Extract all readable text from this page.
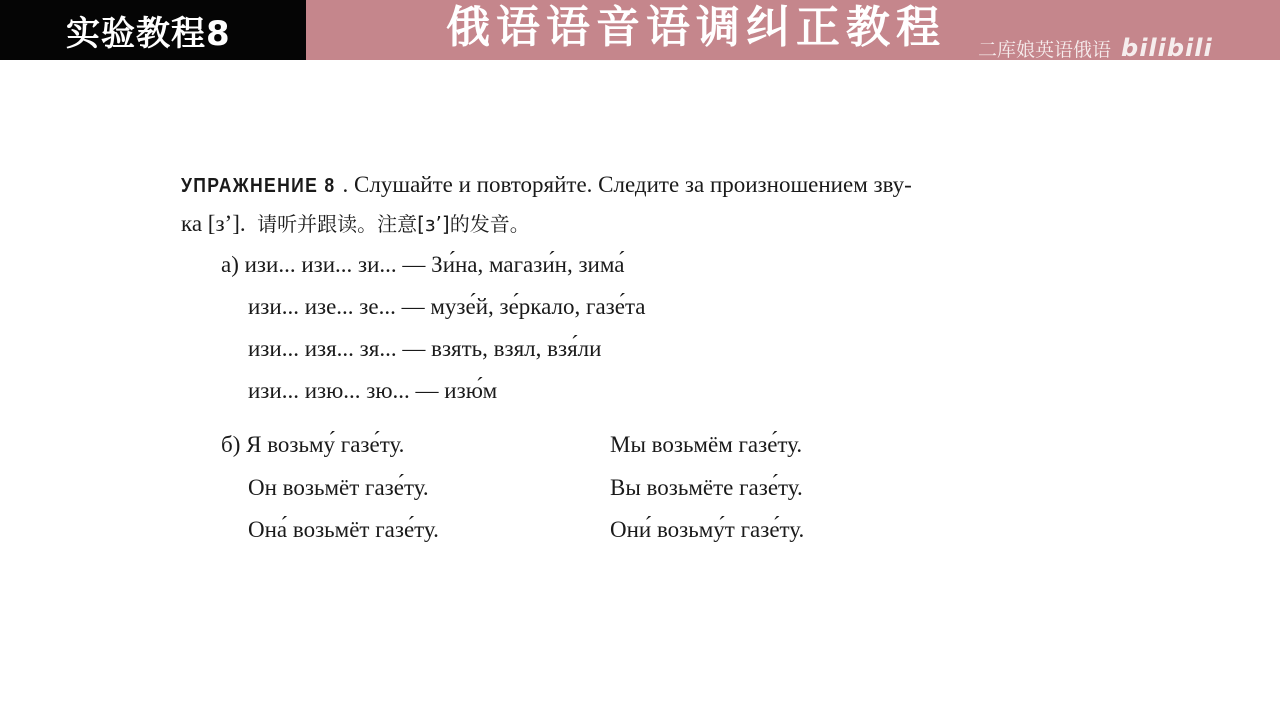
实验教程8	俄语语音语调纠正教程 二库娘英语俄语 bilibili

УПРАЖНЕНИЕ 8 . Слушайте и повторяйте. Следите за произношением зву-
ка [з’]. 请听并跟读。注意[з’]的发音。

а) изи... изи... зи... — Зи́на, магази́н, зима́

изи... изе... зе... — музе́й, зе́ркало, газе́та

изи... изя... зя... — взять, взял, взя́ли

изи... изю... зю... — изю́м

б) Я возьму́ газе́ту.

Он возьмёт газе́ту.

Она́ возьмёт газе́ту.

Мы возьмём газе́ту.

Вы возьмёте газе́ту.

Они́ возьму́т газе́ту.
